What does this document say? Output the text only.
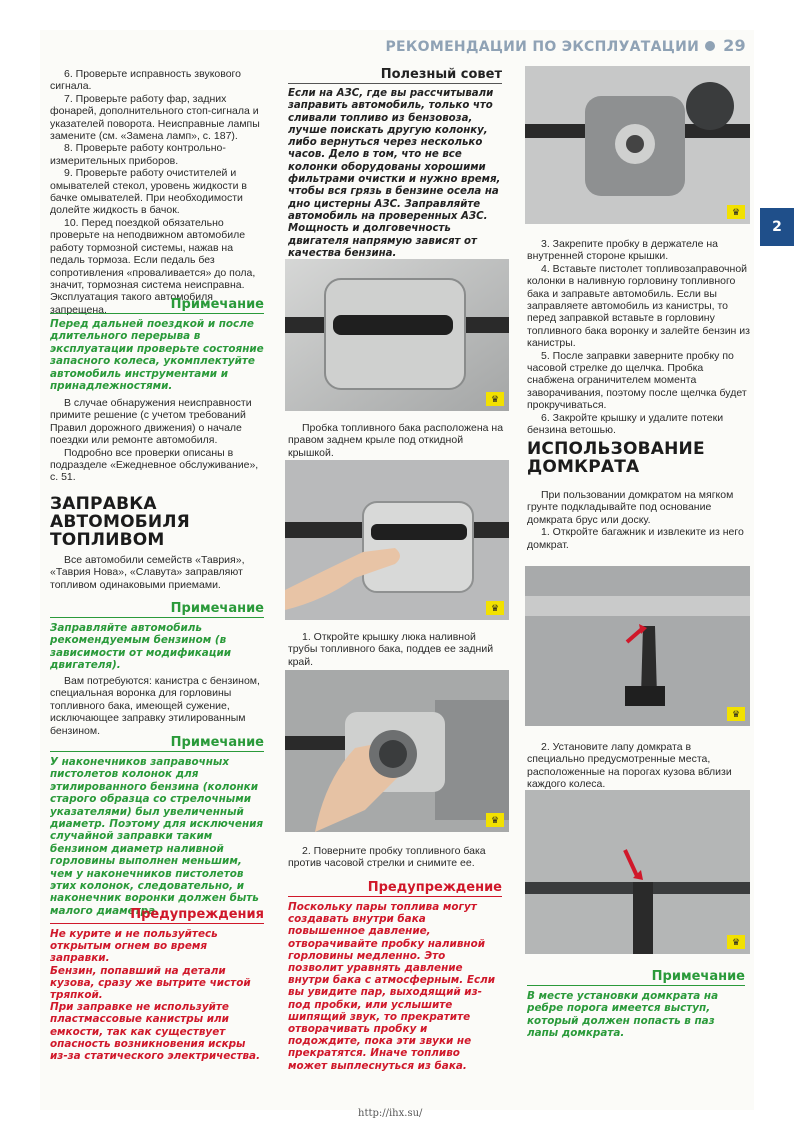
РЕКОМЕНДАЦИИ ПО ЭКСПЛУАТАЦИИ 29
2

6. Проверьте исправность звукового сигнала.

7. Проверьте работу фар, задних фонарей, дополнительного стоп-сигнала и указателей поворота. Неисправные лампы замените (см. «Замена ламп», с. 187).

8. Проверьте работу контрольно-измерительных приборов.

9. Проверьте работу очистителей и омывателей стекол, уровень жидкости в бачке омывателей. При необходимости долейте жидкость в бачок.

10. Перед поездкой обязательно проверьте на неподвижном автомобиле работу тормозной системы, нажав на педаль тормоза. Если педаль без сопротивления «проваливается» до пола, значит, тормозная система неисправна. Эксплуатация такого автомобиля запрещена.	Примечание
Перед дальней поездкой и после длительного перерыва в эксплуатации проверьте состояние запасного колеса, укомплектуйте автомобиль инструментами и принадлежностями.

В случае обнаружения неисправности примите решение (с учетом требований Правил дорожного движения) о начале поездки или ремонте автомобиля.

Подробно все проверки описаны в подразделе «Ежедневное обслуживание», с. 51.

ЗАПРАВКА
АВТОМОБИЛЯ
ТОПЛИВОМ

Все автомобили семейств «Таврия», «Таврия Нова», «Славута» заправляют топливом одинаковыми приемами.

Примечание
Заправляйте автомобиль рекомендуемым бензином (в зависимости от модификации двигателя).

Вам потребуются: канистра с бензином, специальная воронка для горловины топливного бака, имеющей сужение, исключающее заправку этилированным бензином.

Примечание
У наконечников заправочных пистолетов колонок для этилированного бензина (колонки старого образца со стрелочными указателями) был увеличенный диаметр. Поэтому для исключения случайной заправки таким бензином диаметр наливной горловины выполнен меньшим, чем у наконечников пистолетов этих колонок, следовательно, и наконечник воронки должен быть малого диаметра.
Предупреждения
Не курите и не пользуйтесь открытым огнем во время заправки.
Бензин, попавший на детали кузова, сразу же вытрите чистой тряпкой.
При заправке не используйте пластмассовые канистры или емкости, так как существует опасность возникновения искры из-за статического электричества.
Полезный совет
Если на АЗС, где вы рассчитывали заправить автомобиль, только что сливали топливо из бензовоза, лучше поискать другую колонку, либо вернуться через несколько часов. Дело в том, что не все колонки оборудованы хорошими фильтрами очистки и нужно время, чтобы вся грязь в бензине осела на дно цистерны АЗС. Заправляйте автомобиль на проверенных АЗС. Мощность и долговечность двигателя напрямую зависят от качества бензина.
♛

Пробка топливного бака расположена на правом заднем крыле под откидной крышкой.

♛

1. Откройте крышку люка наливной трубы топливного бака, поддев ее задний край.

♛

2. Поверните пробку топливного бака против часовой стрелки и снимите ее.

Предупреждение
Поскольку пары топлива могут создавать внутри бака повышенное давление, отворачивайте пробку наливной горловины медленно. Это позволит уравнять давление внутри бака с атмосферным. Если вы увидите пар, выходящий из-под пробки, или услышите шипящий звук, то прекратите отворачивать пробку и подождите, пока эти звуки не прекратятся. Иначе топливо может выплеснуться из бака.
♛

3. Закрепите пробку в держателе на внутренней стороне крышки.

4. Вставьте пистолет топливозаправочной колонки в наливную горловину топливного бака и заправьте автомобиль. Если вы заправляете автомобиль из канистры, то перед заправкой вставьте в горловину топливного бака воронку и залейте бензин из канистры.

5. После заправки заверните пробку по часовой стрелке до щелчка. Пробка снабжена ограничителем момента заворачивания, поэтому после щелчка будет прокручиваться.

6. Закройте крышку и удалите потеки бензина ветошью.

ИСПОЛЬЗОВАНИЕ
ДОМКРАТА

При пользовании домкратом на мягком грунте подкладывайте под основание домкрата брус или доску.

1. Откройте багажник и извлеките из него домкрат.

♛

2. Установите лапу домкрата в специально предусмотренные места, расположенные на порогах кузова вблизи каждого колеса.

♛
Примечание
В месте установки домкрата на ребре порога имеется выступ, который должен попасть в паз лапы домкрата.
http://ihx.su/
